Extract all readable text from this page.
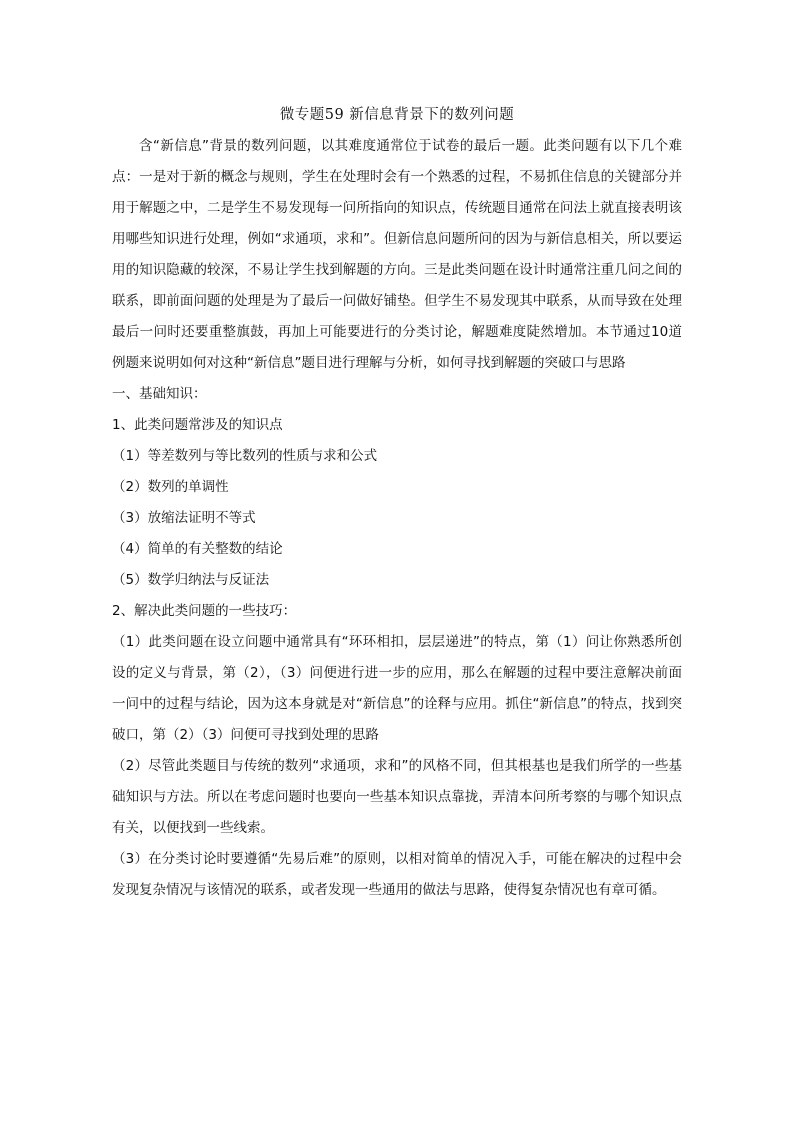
微专题59 新信息背景下的数列问题

含“新信息”背景的数列问题，以其难度通常位于试卷的最后一题。此类问题有以下几个难点：一是对于新的概念与规则，学生在处理时会有一个熟悉的过程，不易抓住信息的关键部分并用于解题之中，二是学生不易发现每一问所指向的知识点，传统题目通常在问法上就直接表明该用哪些知识进行处理，例如“求通项，求和”。但新信息问题所问的因为与新信息相关，所以要运用的知识隐藏的较深，不易让学生找到解题的方向。三是此类问题在设计时通常注重几问之间的联系，即前面问题的处理是为了最后一问做好铺垫。但学生不易发现其中联系，从而导致在处理最后一问时还要重整旗鼓，再加上可能要进行的分类讨论，解题难度陡然增加。本节通过10道例题来说明如何对这种“新信息”题目进行理解与分析，如何寻找到解题的突破口与思路

一、基础知识：

1、此类问题常涉及的知识点

（1）等差数列与等比数列的性质与求和公式

（2）数列的单调性

（3）放缩法证明不等式

（4）简单的有关整数的结论

（5）数学归纳法与反证法

2、解决此类问题的一些技巧：

（1）此类问题在设立问题中通常具有“环环相扣，层层递进”的特点，第（1）问让你熟悉所创设的定义与背景，第（2），（3）问便进行进一步的应用，那么在解题的过程中要注意解决前面一问中的过程与结论，因为这本身就是对“新信息”的诠释与应用。抓住“新信息”的特点，找到突破口，第（2）（3）问便可寻找到处理的思路

（2）尽管此类题目与传统的数列“求通项，求和”的风格不同，但其根基也是我们所学的一些基础知识与方法。所以在考虑问题时也要向一些基本知识点靠拢，弄清本问所考察的与哪个知识点有关，以便找到一些线索。

（3）在分类讨论时要遵循“先易后难”的原则，以相对简单的情况入手，可能在解决的过程中会发现复杂情况与该情况的联系，或者发现一些通用的做法与思路，使得复杂情况也有章可循。
